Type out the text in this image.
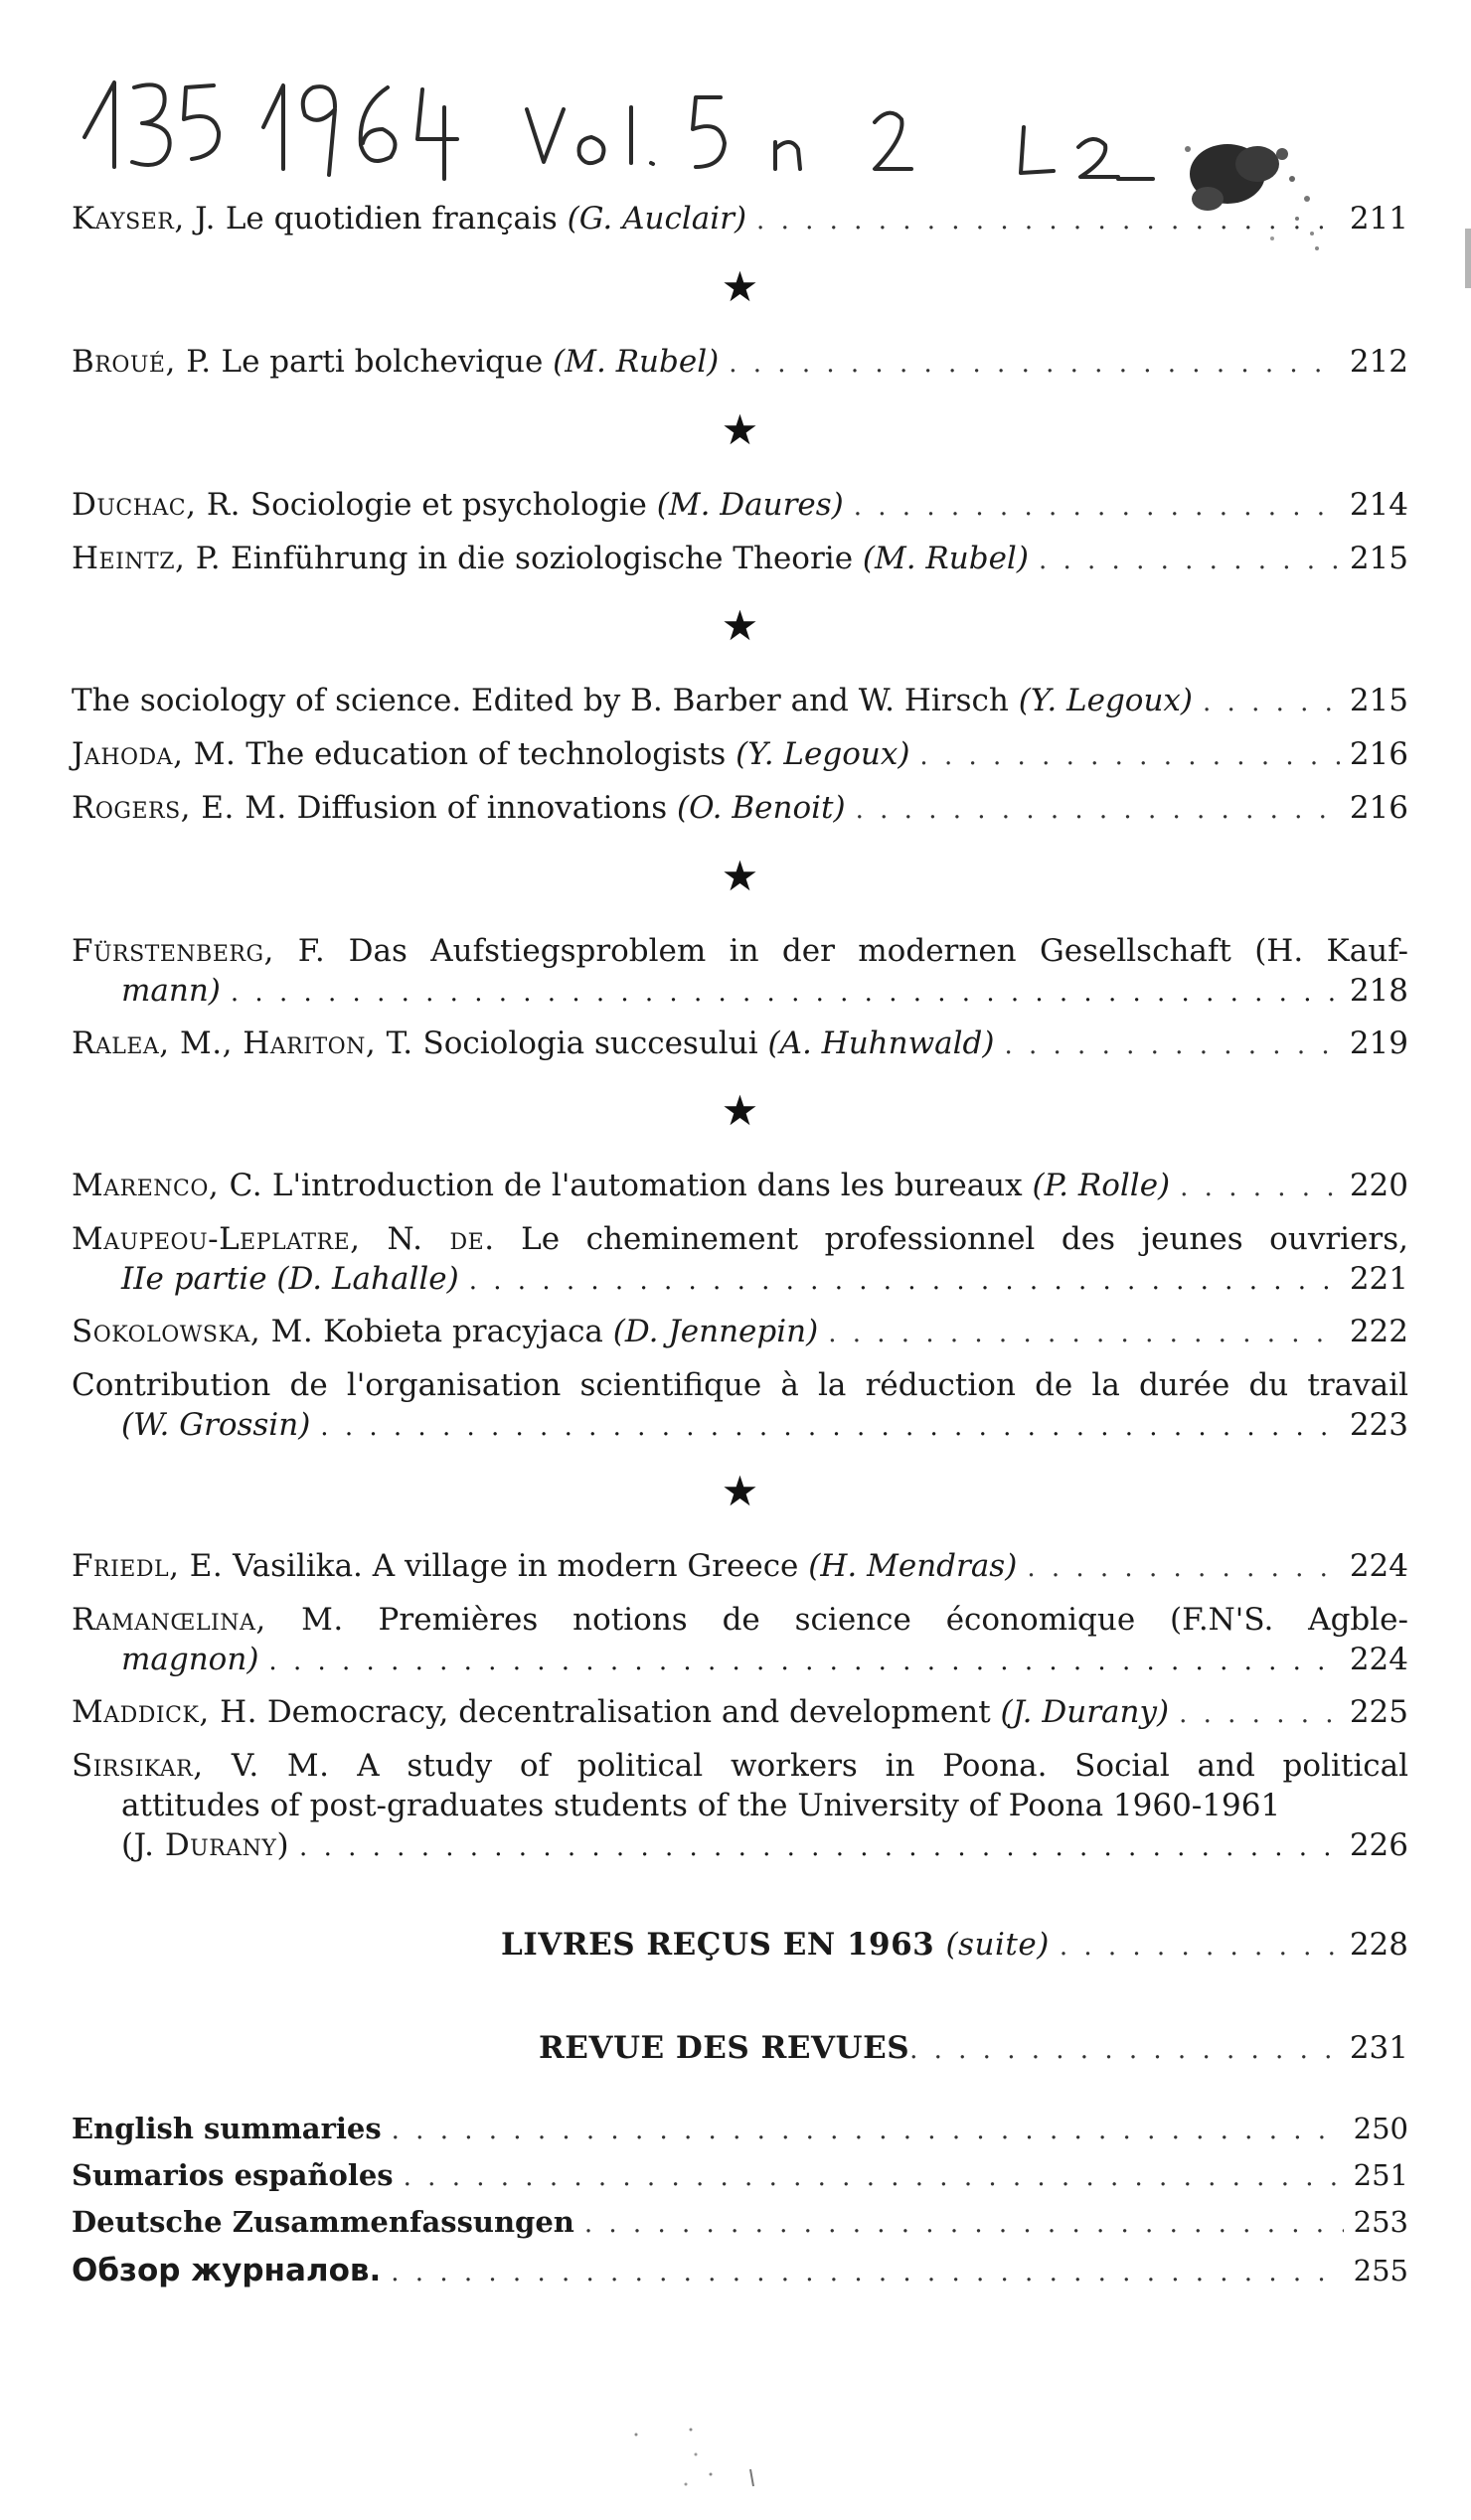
Kayser, J. Le quotidien français (G. Auclair) . . .	211
★
Broué, P. Le parti bolchevique (M. Rubel) . . .	212
★
Duchac, R. Sociologie et psychologie (M. Daures) . . .	214
Heintz, P. Einführung in die soziologische Theorie (M. Rubel) . . .	215
★
The sociology of science. Edited by B. Barber and W. Hirsch (Y. Legoux) . . .	215
Jahoda, M. The education of technologists (Y. Legoux) . . .	216
Rogers, E. M. Diffusion of innovations (O. Benoit) . . .	216
★
Fürstenberg, F. Das Aufstiegsproblem in der modernen Gesellschaft (H. Kauf-
mann) . . .	218
Ralea, M., Hariton, T. Sociologia succesului (A. Huhnwald) . . .	219
★
Marenco, C. L'introduction de l'automation dans les bureaux (P. Rolle) . . .	220
Maupeou-Leplatre, N. de. Le cheminement professionnel des jeunes ouvriers,
IIe partie (D. Lahalle) . . .	221
Sokolowska, M. Kobieta pracyjaca (D. Jennepin) . . .	222
Contribution de l'organisation scientifique à la réduction de la durée du travail
(W. Grossin) . . .	223
★
Friedl, E. Vasilika. A village in modern Greece (H. Mendras) . . .	224
Ramanœlina, M. Premières notions de science économique (F.N'S. Agble-
magnon) . . .	224
Maddick, H. Democracy, decentralisation and development (J. Durany) . . .	225
Sirsikar, V. M. A study of political workers in Poona. Social and political
attitudes of post-graduates students of the University of Poona 1960-1961
(J. Durany) . . .	226
LIVRES REÇUS EN 1963 (suite) . . .	228
REVUE DES REVUES . . .	231
English summaries . . .	250
Sumarios españoles . . .	251
Deutsche Zusammenfassungen . . .	253
Обзор журналов. . . .	255
